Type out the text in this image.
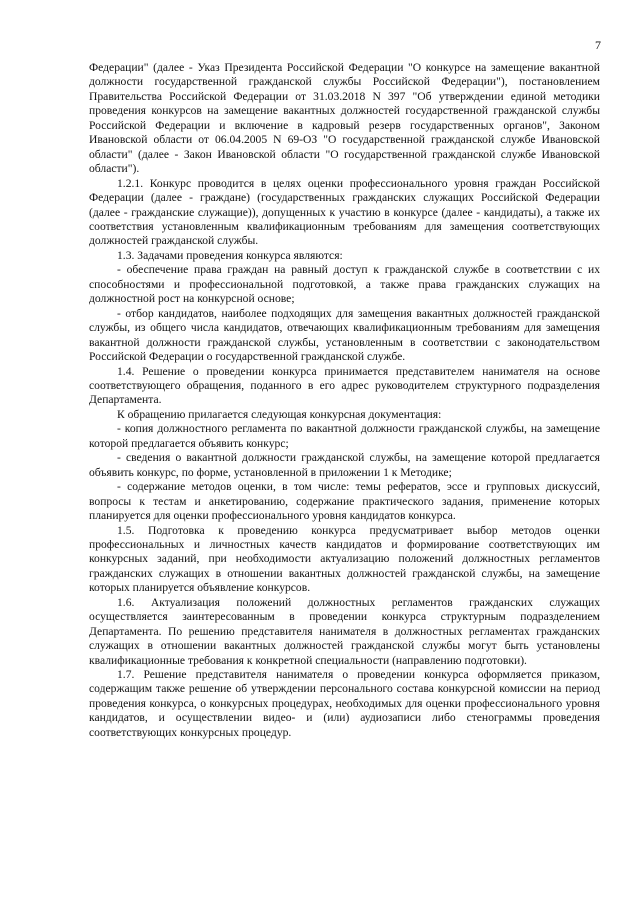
7

Федерации" (далее - Указ Президента Российской Федерации "О конкурсе на замещение вакантной должности государственной гражданской службы Российской Федерации"), постановлением Правительства Российской Федерации от 31.03.2018 N 397 "Об утверждении единой методики проведения конкурсов на замещение вакантных должностей государственной гражданской службы Российской Федерации и включение в кадровый резерв государственных органов", Законом Ивановской области от 06.04.2005 N 69-ОЗ "О государственной гражданской службе Ивановской области" (далее - Закон Ивановской области "О государственной гражданской службе Ивановской области").

1.2.1. Конкурс проводится в целях оценки профессионального уровня граждан Российской Федерации (далее - граждане) (государственных гражданских служащих Российской Федерации (далее - гражданские служащие)), допущенных к участию в конкурсе (далее - кандидаты), а также их соответствия установленным квалификационным требованиям для замещения соответствующих должностей гражданской службы.

1.3. Задачами проведения конкурса являются:

- обеспечение права граждан на равный доступ к гражданской службе в соответствии с их способностями и профессиональной подготовкой, а также права гражданских служащих на должностной рост на конкурсной основе;

- отбор кандидатов, наиболее подходящих для замещения вакантных должностей гражданской службы, из общего числа кандидатов, отвечающих квалификационным требованиям для замещения вакантной должности гражданской службы, установленным в соответствии с законодательством Российской Федерации о государственной гражданской службе.

1.4. Решение о проведении конкурса принимается представителем нанимателя на основе соответствующего обращения, поданного в его адрес руководителем структурного подразделения Департамента.

К обращению прилагается следующая конкурсная документация:

- копия должностного регламента по вакантной должности гражданской службы, на замещение которой предлагается объявить конкурс;

- сведения о вакантной должности гражданской службы, на замещение которой предлагается объявить конкурс, по форме, установленной в приложении 1 к Методике;

- содержание методов оценки, в том числе: темы рефератов, эссе и групповых дискуссий, вопросы к тестам и анкетированию, содержание практического задания, применение которых планируется для оценки профессионального уровня кандидатов конкурса.

1.5. Подготовка к проведению конкурса предусматривает выбор методов оценки профессиональных и личностных качеств кандидатов и формирование соответствующих им конкурсных заданий, при необходимости актуализацию положений должностных регламентов гражданских служащих в отношении вакантных должностей гражданской службы, на замещение которых планируется объявление конкурсов.

1.6. Актуализация положений должностных регламентов гражданских служащих осуществляется заинтересованным в проведении конкурса структурным подразделением Департамента. По решению представителя нанимателя в должностных регламентах гражданских служащих в отношении вакантных должностей гражданской службы могут быть установлены квалификационные требования к конкретной специальности (направлению подготовки).

1.7. Решение представителя нанимателя о проведении конкурса оформляется приказом, содержащим также решение об утверждении персонального состава конкурсной комиссии на период проведения конкурса, о конкурсных процедурах, необходимых для оценки профессионального уровня кандидатов, и осуществлении видео- и (или) аудиозаписи либо стенограммы проведения соответствующих конкурсных процедур.
